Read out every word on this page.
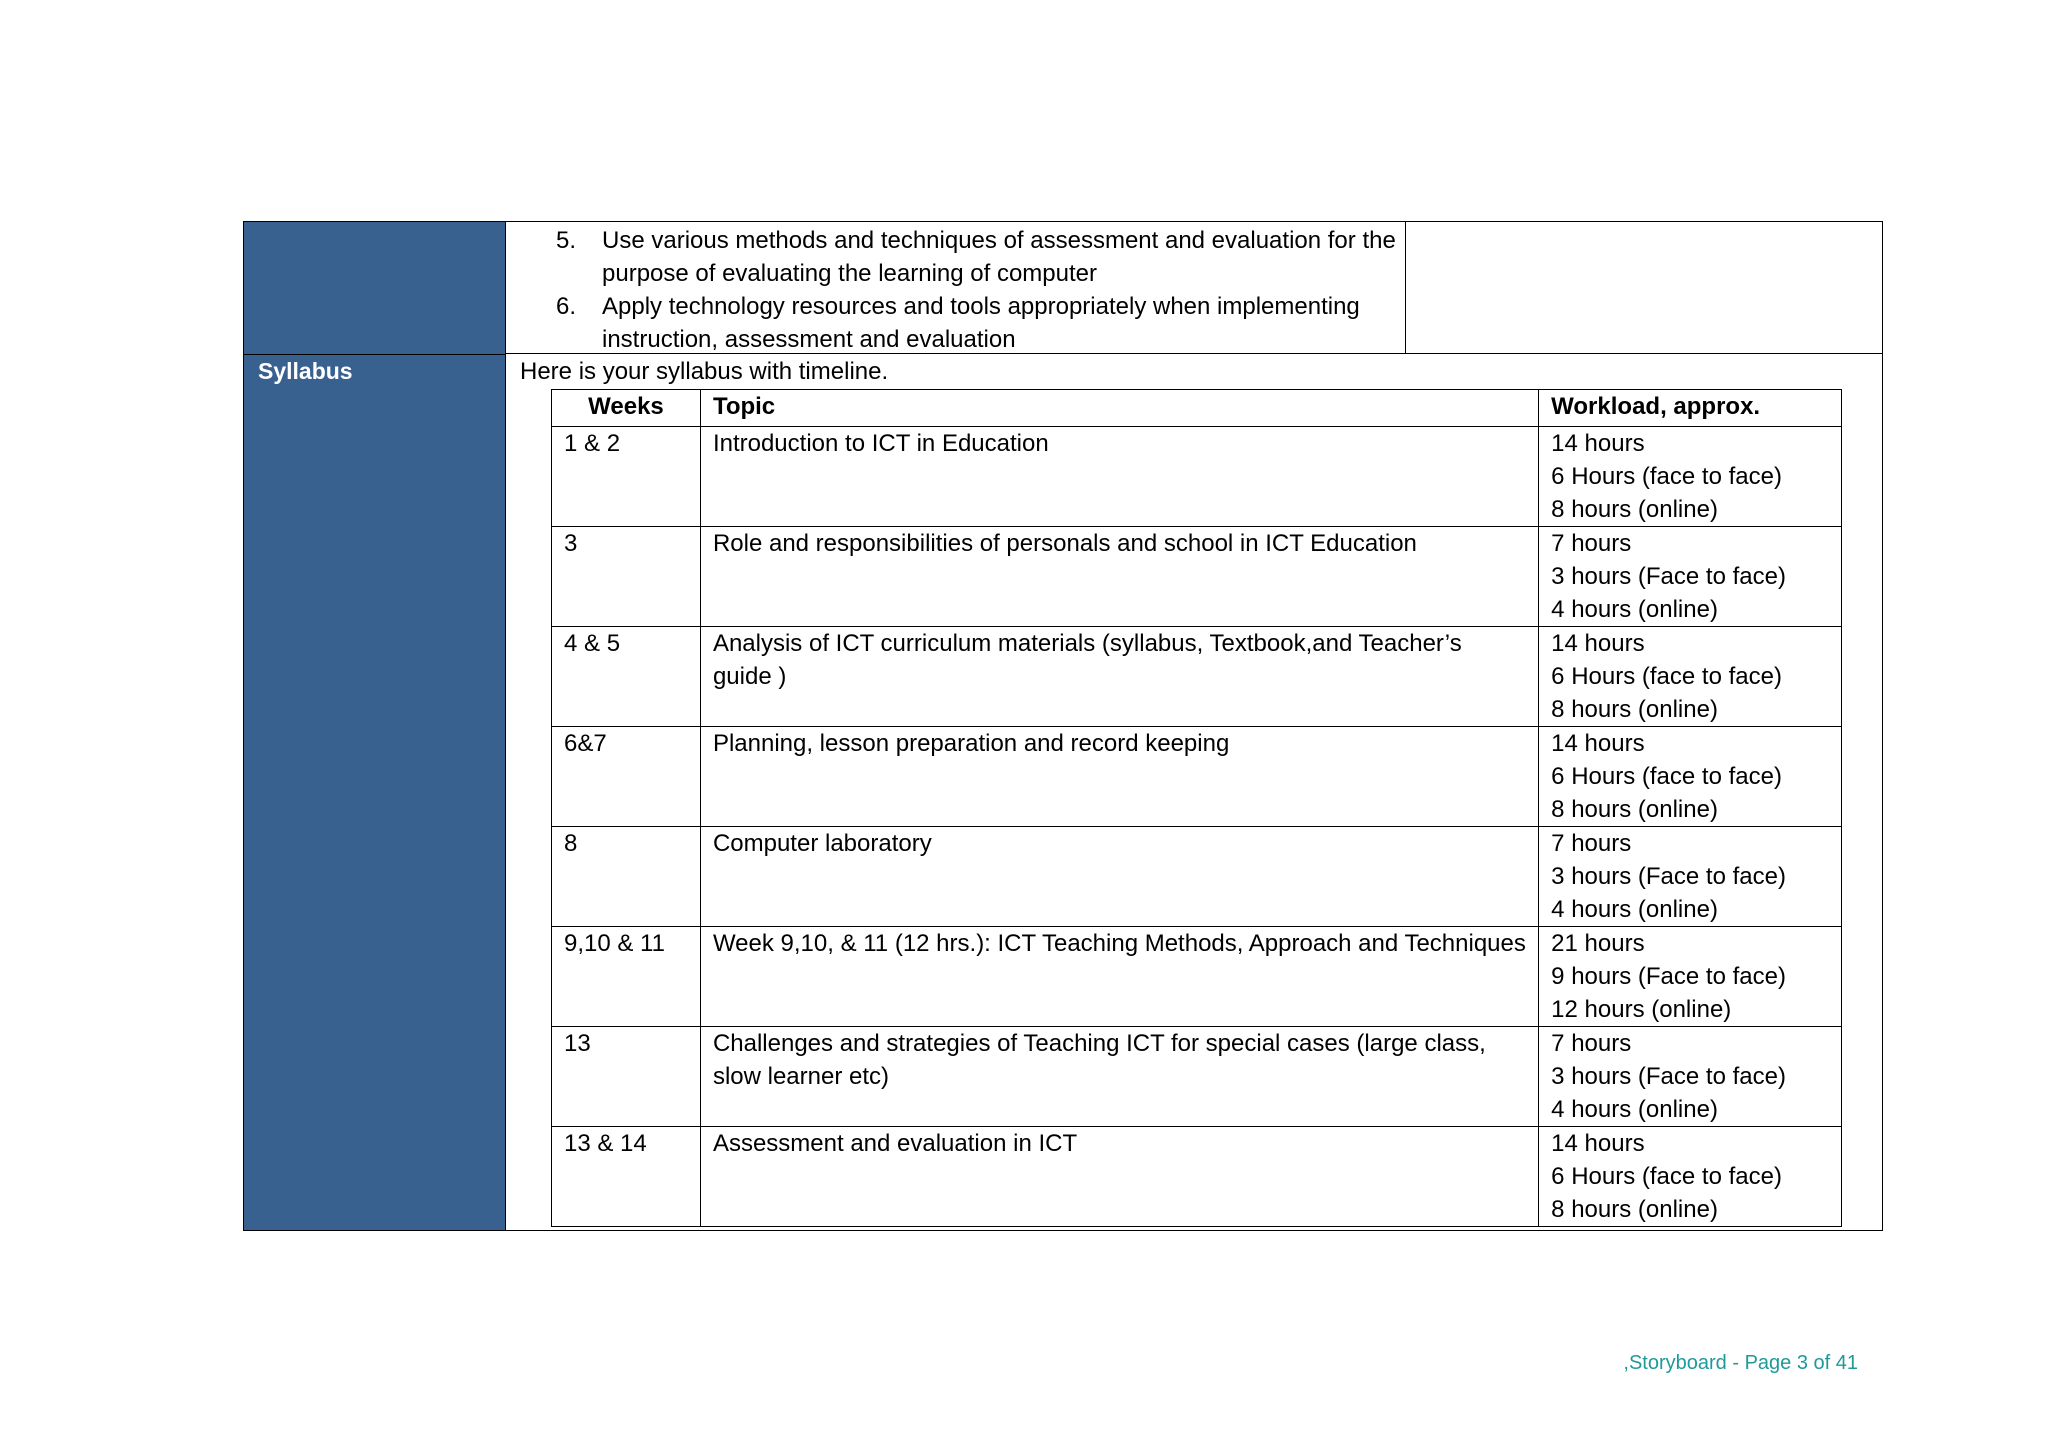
Syllabus
5.	Use various methods and techniques of assessment and evaluation for the purpose of evaluating the learning of computer
6.	Apply technology resources and tools appropriately when implementing instruction, assessment and evaluation
Here is your syllabus with timeline.
Weeks	Topic	Workload, approx.
1 & 2	Introduction to ICT in Education	14 hours
6 Hours (face to face)
8 hours (online)

3	Role and responsibilities of personals and school in ICT Education	7 hours
3 hours (Face to face)
4 hours (online)

4 & 5	Analysis of ICT curriculum materials (syllabus, Textbook,and Teacher’s guide )	14 hours
6 Hours (face to face)
8 hours (online)

6&7	Planning, lesson preparation and record keeping	14 hours
6 Hours (face to face)
8 hours (online)

8	Computer laboratory	7 hours
3 hours (Face to face)
4 hours (online)

9,10 & 11	Week 9,10, & 11 (12 hrs.): ICT Teaching Methods, Approach and Techniques	21 hours
9 hours (Face to face)
12 hours (online)

13	Challenges and strategies of Teaching ICT for special cases (large class, slow learner etc)	7 hours
3 hours (Face to face)
4 hours (online)

13 & 14	Assessment and evaluation in ICT	14 hours
6 Hours (face to face)
8 hours (online)
,Storyboard - Page 3 of 41
